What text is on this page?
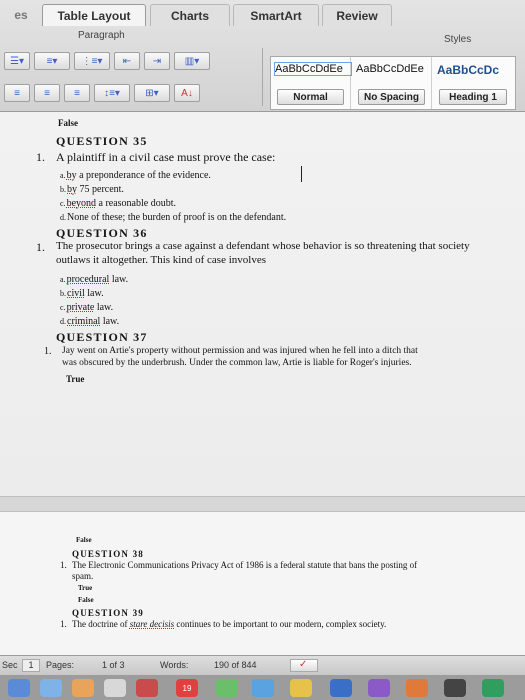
es Table Layout	Charts	SmartArt	Review
Paragraph	Styles
☰▾ ≡▾ ⋮≡▾ ⇤ ⇥ ▥▾
≡ ≡ ≡ ↕≡▾	⊞▾ A↓
AaBbCcDdEe
Normal
AaBbCcDdEe
No Spacing
AaBbCcDc
Heading 1
False
QUESTION 35
1. A plaintiff in a civil case must prove the case:
a.by a preponderance of the evidence.
b.by 75 percent.
c.beyond a reasonable doubt.
d.None of these; the burden of proof is on the defendant.
QUESTION 36
1. The prosecutor brings a case against a defendant whose behavior is so threatening that society
outlaws it altogether. This kind of case involves
a.procedural law.
b.civil law.
c.private law.
d.criminal law.
QUESTION 37
1. Jay went on Artie's property without permission and was injured when he fell into a ditch that
was obscured by the underbrush. Under the common law, Artie is liable for Roger's injuries.
True
False
QUESTION 38
1. The Electronic Communications Privacy Act of 1986 is a federal statute that bans the posting of
spam.
True
False
QUESTION 39
1. The doctrine of stare decisis continues to be important to our modern, complex society.
Sec	1	Pages:	1 of 3	Words:	190 of 844	✓
19
